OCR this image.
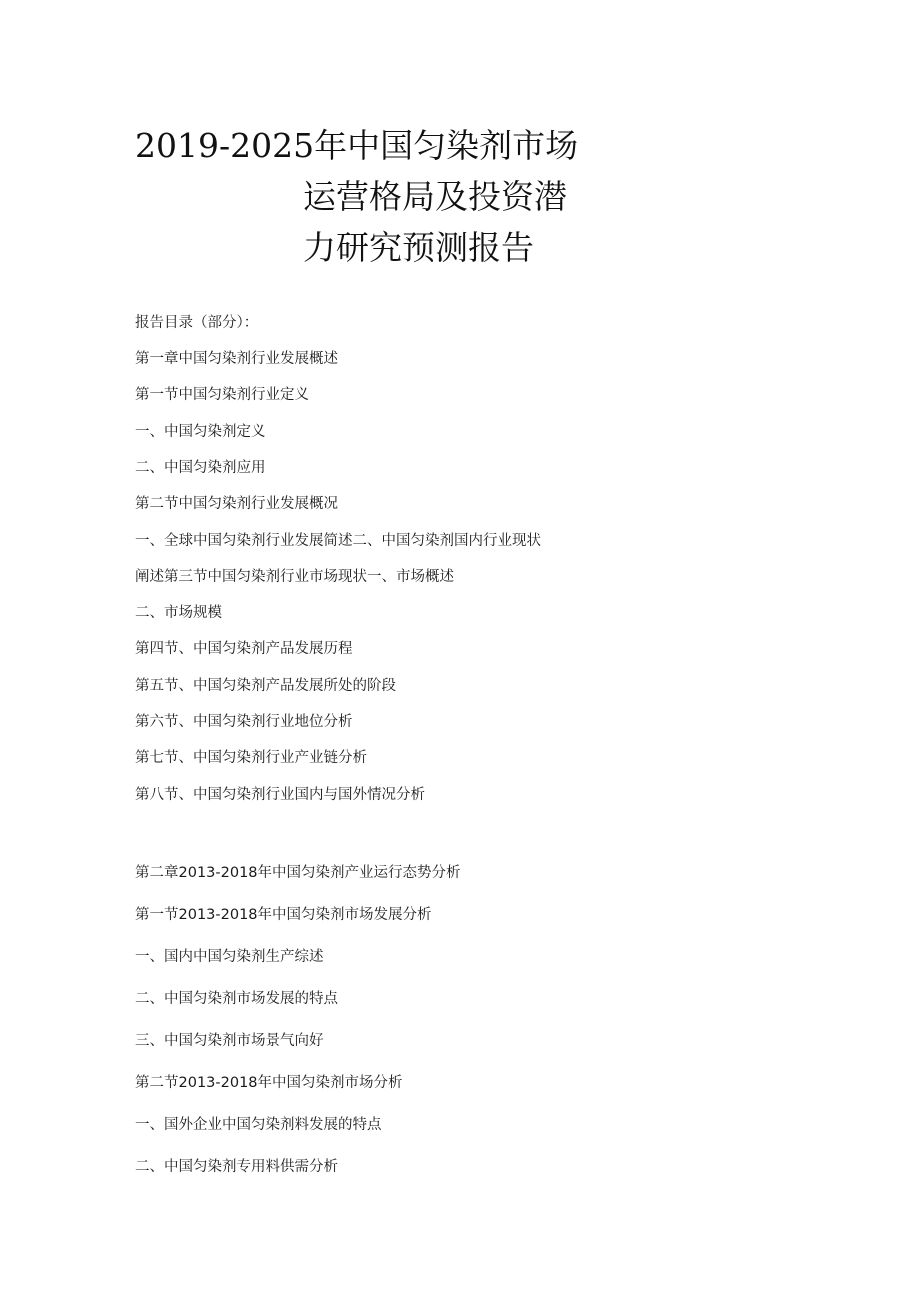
2019-2025年中国匀染剂市场
运营格局及投资潜
力研究预测报告

报告目录（部分）：

第一章中国匀染剂行业发展概述

第一节中国匀染剂行业定义

一、中国匀染剂定义

二、中国匀染剂应用

第二节中国匀染剂行业发展概况

一、全球中国匀染剂行业发展简述二、中国匀染剂国内行业现状

阐述第三节中国匀染剂行业市场现状一、市场概述

二、市场规模

第四节、中国匀染剂产品发展历程

第五节、中国匀染剂产品发展所处的阶段

第六节、中国匀染剂行业地位分析

第七节、中国匀染剂行业产业链分析

第八节、中国匀染剂行业国内与国外情况分析

第二章2013-2018年中国匀染剂产业运行态势分析

第一节2013-2018年中国匀染剂市场发展分析

一、国内中国匀染剂生产综述

二、中国匀染剂市场发展的特点

三、中国匀染剂市场景气向好

第二节2013-2018年中国匀染剂市场分析

一、国外企业中国匀染剂料发展的特点

二、中国匀染剂专用料供需分析
